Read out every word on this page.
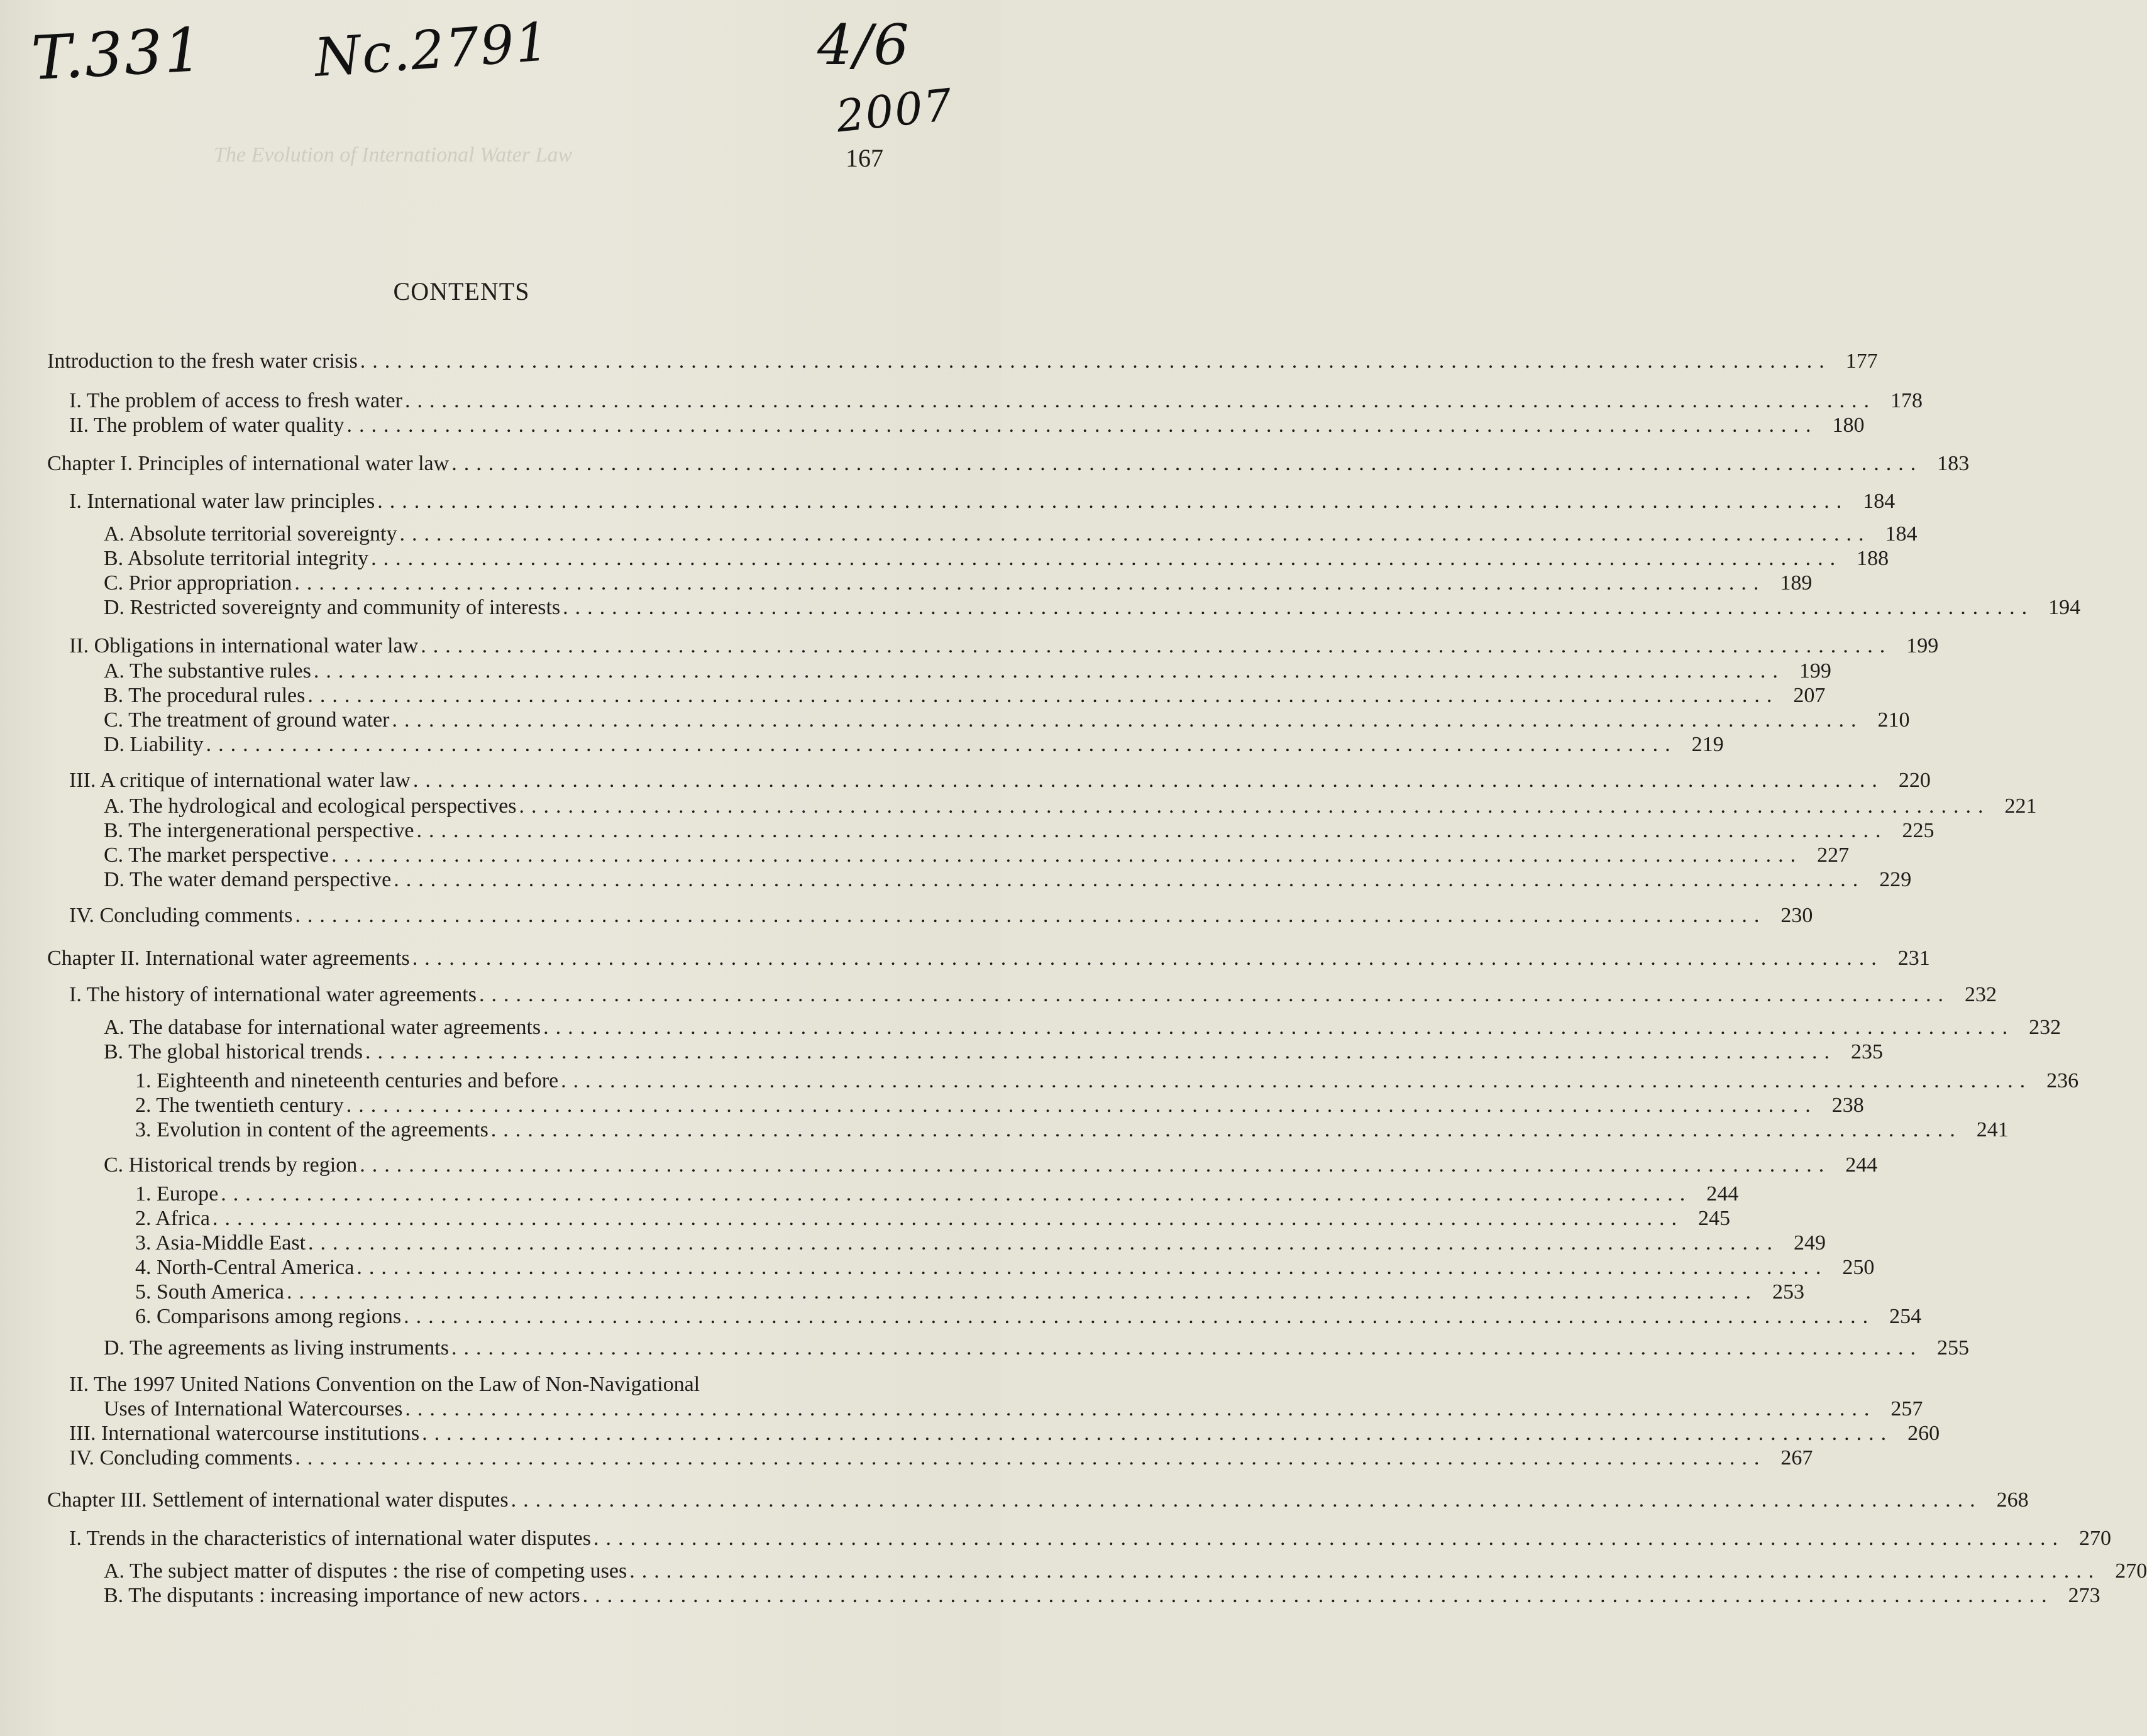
T.331 Nc.2791	4/6
2007
The Evolution of International Water Law	167
CONTENTS
Introduction to the fresh water crisis ........................................................................................................................ 177
I. The problem of access to fresh water ........................................................................................................................ 178
II. The problem of water quality ........................................................................................................................ 180
Chapter I. Principles of international water law ........................................................................................................................ 183
I. International water law principles ........................................................................................................................ 184
A. Absolute territorial sovereignty ........................................................................................................................ 184
B. Absolute territorial integrity ........................................................................................................................ 188
C. Prior appropriation ........................................................................................................................ 189
D. Restricted sovereignty and community of interests ........................................................................................................................ 194
II. Obligations in international water law ........................................................................................................................ 199
A. The substantive rules ........................................................................................................................ 199
B. The procedural rules ........................................................................................................................ 207
C. The treatment of ground water ........................................................................................................................ 210
D. Liability ........................................................................................................................ 219
III. A critique of international water law ........................................................................................................................ 220
A. The hydrological and ecological perspectives ........................................................................................................................ 221
B. The intergenerational perspective ........................................................................................................................ 225
C. The market perspective ........................................................................................................................ 227
D. The water demand perspective ........................................................................................................................ 229
IV. Concluding comments ........................................................................................................................ 230
Chapter II. International water agreements ........................................................................................................................ 231
I. The history of international water agreements ........................................................................................................................ 232
A. The database for international water agreements ........................................................................................................................ 232
B. The global historical trends ........................................................................................................................ 235
1. Eighteenth and nineteenth centuries and before ........................................................................................................................ 236
2. The twentieth century ........................................................................................................................ 238
3. Evolution in content of the agreements ........................................................................................................................ 241
C. Historical trends by region ........................................................................................................................ 244
1. Europe ........................................................................................................................ 244
2. Africa ........................................................................................................................ 245
3. Asia-Middle East ........................................................................................................................ 249
4. North-Central America ........................................................................................................................ 250
5. South America ........................................................................................................................ 253
6. Comparisons among regions ........................................................................................................................ 254
D. The agreements as living instruments ........................................................................................................................ 255
II. The 1997 United Nations Convention on the Law of Non-Navigational
Uses of International Watercourses ........................................................................................................................ 257
III. International watercourse institutions ........................................................................................................................ 260
IV. Concluding comments ........................................................................................................................ 267
Chapter III. Settlement of international water disputes ........................................................................................................................ 268
I. Trends in the characteristics of international water disputes ........................................................................................................................ 270
A. The subject matter of disputes : the rise of competing uses ........................................................................................................................ 270
B. The disputants : increasing importance of new actors ........................................................................................................................ 273
